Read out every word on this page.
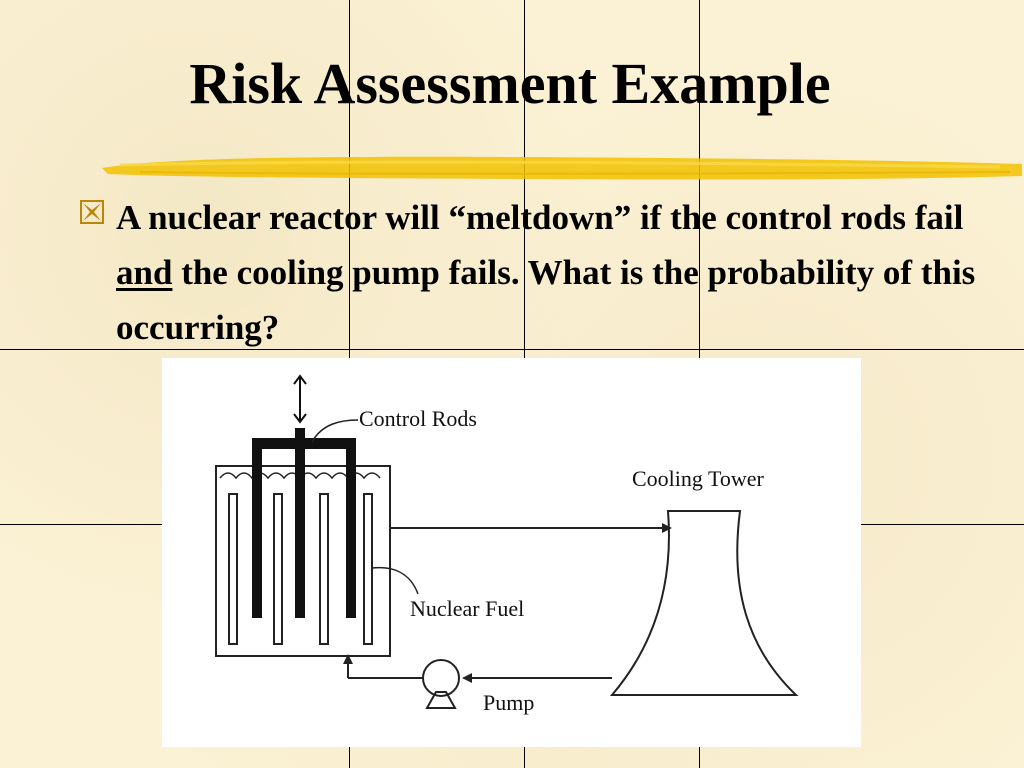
Risk Assessment Example
A nuclear reactor will “meltdown” if the control rods fail and the cooling pump fails. What is the probability of this occurring?
Control Rods
Cooling Tower
Pump
Nuclear Fuel
